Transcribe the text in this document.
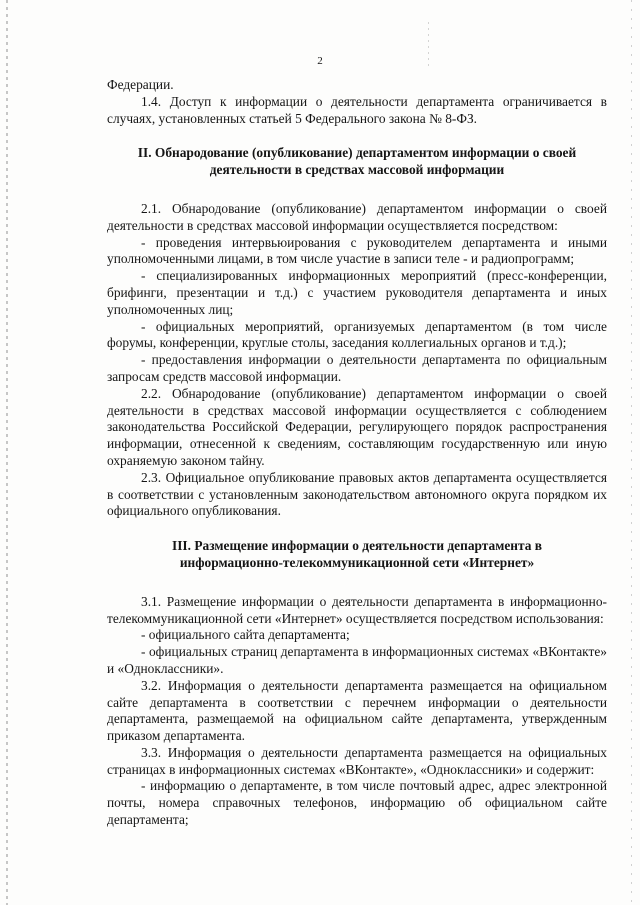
2

Федерации.

1.4. Доступ к информации о деятельности департамента ограничивается в случаях, установленных статьей 5 Федерального закона № 8-ФЗ.

II. Обнародование (опубликование) департаментом информации о своей
деятельности в средствах массовой информации

2.1. Обнародование (опубликование) департаментом информации о своей деятельности в средствах массовой информации осуществляется посредством:

- проведения интервьюирования с руководителем департамента и иными уполномоченными лицами, в том числе участие в записи теле - и радиопрограмм;

- специализированных информационных мероприятий (пресс-конференции, брифинги, презентации и т.д.) с участием руководителя департамента и иных уполномоченных лиц;

- официальных мероприятий, организуемых департаментом (в том числе форумы, конференции, круглые столы, заседания коллегиальных органов и т.д.);

- предоставления информации о деятельности департамента по официальным запросам средств массовой информации.

2.2. Обнародование (опубликование) департаментом информации о своей деятельности в средствах массовой информации осуществляется с соблюдением законодательства Российской Федерации, регулирующего порядок распространения информации, отнесенной к сведениям, составляющим государственную или иную охраняемую законом тайну.

2.3. Официальное опубликование правовых актов департамента осуществляется в соответствии с установленным законодательством автономного округа порядком их официального опубликования.

III. Размещение информации о деятельности департамента в
информационно-телекоммуникационной сети «Интернет»

3.1. Размещение информации о деятельности департамента в информационно-телекоммуникационной сети «Интернет» осуществляется посредством использования:

- официального сайта департамента;

- официальных страниц департамента в информационных системах «ВКонтакте» и «Одноклассники».

3.2. Информация о деятельности департамента размещается на официальном сайте департамента в соответствии с перечнем информации о деятельности департамента, размещаемой на официальном сайте департамента, утвержденным приказом департамента.

3.3. Информация о деятельности департамента размещается на официальных страницах в информационных системах «ВКонтакте», «Одноклассники» и содержит:

- информацию о департаменте, в том числе почтовый адрес, адрес электронной почты, номера справочных телефонов, информацию об официальном сайте департамента;
